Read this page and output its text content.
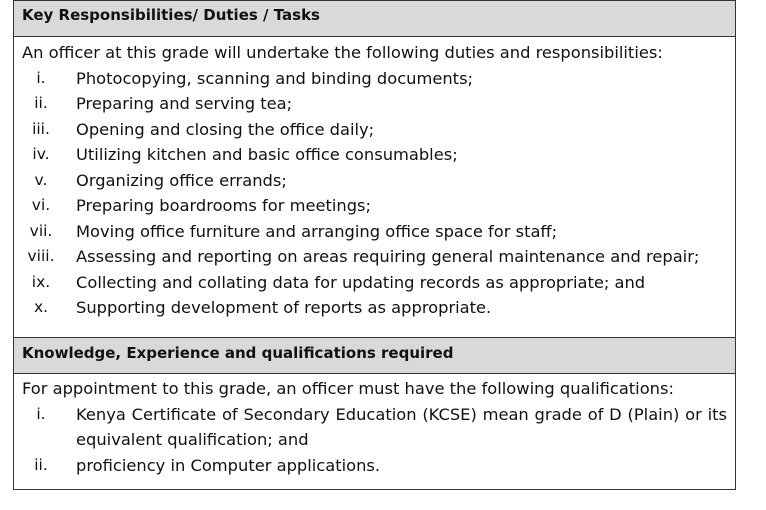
Key Responsibilities/ Duties / Tasks
An officer at this grade will undertake the following duties and responsibilities:
i.	Photocopying, scanning and binding documents;
ii.	Preparing and serving tea;
iii.	Opening and closing the office daily;
iv.	Utilizing kitchen and basic office consumables;
v.	Organizing office errands;
vi.	Preparing boardrooms for meetings;
vii.	Moving office furniture and arranging office space for staff;
viii.	Assessing and reporting on areas requiring general maintenance and repair;
ix.	Collecting and collating data for updating records as appropriate; and
x.	Supporting development of reports as appropriate.
Knowledge, Experience and qualifications required
For appointment to this grade, an officer must have the following qualifications:
i.	Kenya Certificate of Secondary Education (KCSE) mean grade of D (Plain) or its equivalent qualification; and
ii.	proficiency in Computer applications.
